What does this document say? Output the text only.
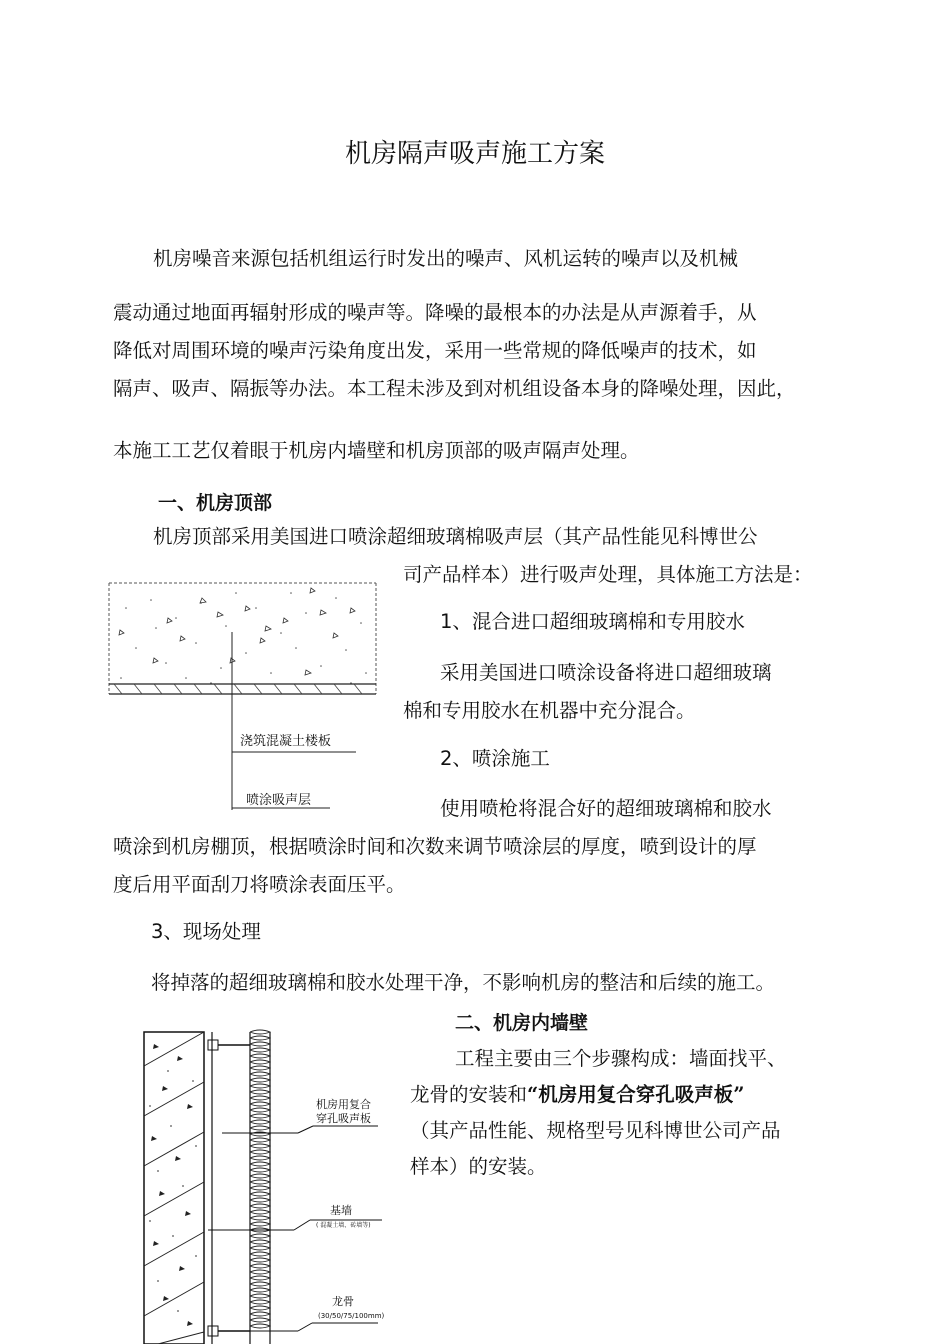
机房隔声吸声施工方案
机房噪音来源包括机组运行时发出的噪声、风机运转的噪声以及机械
震动通过地面再辐射形成的噪声等。降噪的最根本的办法是从声源着手，从
降低对周围环境的噪声污染角度出发，采用一些常规的降低噪声的技术，如
隔声、吸声、隔振等办法。本工程未涉及到对机组设备本身的降噪处理，因此，
本施工工艺仅着眼于机房内墙壁和机房顶部的吸声隔声处理。
一、机房顶部
机房顶部采用美国进口喷涂超细玻璃棉吸声层（其产品性能见科博世公
司产品样本）进行吸声处理，具体施工方法是：
1、混合进口超细玻璃棉和专用胶水
采用美国进口喷涂设备将进口超细玻璃
棉和专用胶水在机器中充分混合。
2、喷涂施工
使用喷枪将混合好的超细玻璃棉和胶水
喷涂到机房棚顶，根据喷涂时间和次数来调节喷涂层的厚度，喷到设计的厚
度后用平面刮刀将喷涂表面压平。
3、现场处理
将掉落的超细玻璃棉和胶水处理干净，不影响机房的整洁和后续的施工。
浇筑混凝土楼板
喷涂吸声层
二、机房内墙壁
工程主要由三个步骤构成：墙面找平、
龙骨的安装和“机房用复合穿孔吸声板”
（其产品性能、规格型号见科博世公司产品
样本）的安装。
机房用复合
穿孔吸声板
基墙
( 混凝土墙、砖墙等)
龙骨
(30/50/75/100mm)
